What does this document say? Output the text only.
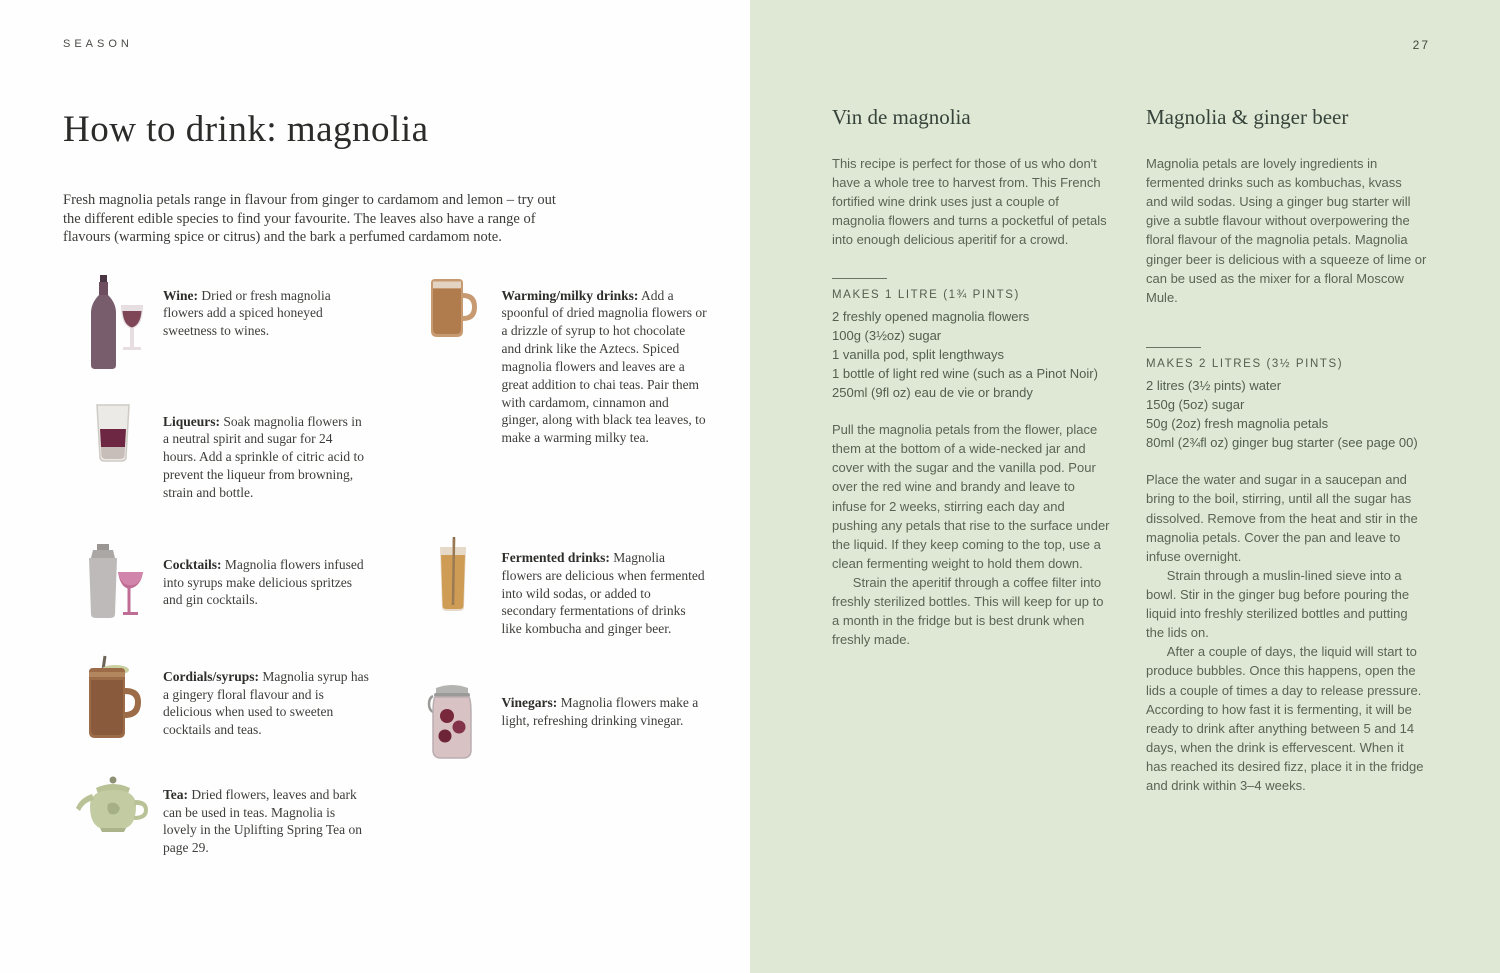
SEASON
How to drink: magnolia

Fresh magnolia petals range in flavour from ginger to cardamom and lemon – try out the different edible species to find your favourite. The leaves also have a range of flavours (warming spice or citrus) and the bark a perfumed cardamom note.

Wine: Dried or fresh magnolia flowers add a spiced honeyed sweetness to wines.

Liqueurs: Soak magnolia flowers in a neutral spirit and sugar for 24 hours. Add a sprinkle of citric acid to prevent the liqueur from browning, strain and bottle.

Cocktails: Magnolia flowers infused into syrups make delicious spritzes and gin cocktails.

Cordials/syrups: Magnolia syrup has a gingery floral flavour and is delicious when used to sweeten cocktails and teas.

Tea: Dried flowers, leaves and bark can be used in teas. Magnolia is lovely in the Uplifting Spring Tea on page 29.

Warming/milky drinks: Add a spoonful of dried magnolia flowers or a drizzle of syrup to hot chocolate and drink like the Aztecs. Spiced magnolia flowers and leaves are a great addition to chai teas. Pair them with cardamom, cinnamon and ginger, along with black tea leaves, to make a warming milky tea.

Fermented drinks: Magnolia flowers are delicious when fermented into wild sodas, or added to secondary fermentations of drinks like kombucha and ginger beer.

Vinegars: Magnolia flowers make a light, refreshing drinking vinegar.

27
Vin de magnolia

This recipe is perfect for those of us who don't have a whole tree to harvest from. This French fortified wine drink uses just a couple of magnolia flowers and turns a pocketful of petals into enough delicious aperitif for a crowd.

MAKES 1 LITRE (1¾ PINTS)
2 freshly opened magnolia flowers
100g (3½oz) sugar
1 vanilla pod, split lengthways
1 bottle of light red wine (such as a Pinot Noir)
250ml (9fl oz) eau de vie or brandy

Pull the magnolia petals from the flower, place them at the bottom of a wide-necked jar and cover with the sugar and the vanilla pod. Pour over the red wine and brandy and leave to infuse for 2 weeks, stirring each day and pushing any petals that rise to the surface under the liquid. If they keep coming to the top, use a clean fermenting weight to hold them down.

Strain the aperitif through a coffee filter into freshly sterilized bottles. This will keep for up to a month in the fridge but is best drunk when freshly made.

Magnolia & ginger beer

Magnolia petals are lovely ingredients in fermented drinks such as kombuchas, kvass and wild sodas. Using a ginger bug starter will give a subtle flavour without overpowering the floral flavour of the magnolia petals. Magnolia ginger beer is delicious with a squeeze of lime or can be used as the mixer for a floral Moscow Mule.

MAKES 2 LITRES (3½ PINTS)
2 litres (3½ pints) water
150g (5oz) sugar
50g (2oz) fresh magnolia petals
80ml (2¾fl oz) ginger bug starter (see page 00)

Place the water and sugar in a saucepan and bring to the boil, stirring, until all the sugar has dissolved. Remove from the heat and stir in the magnolia petals. Cover the pan and leave to infuse overnight.

Strain through a muslin-lined sieve into a bowl. Stir in the ginger bug before pouring the liquid into freshly sterilized bottles and putting the lids on.

After a couple of days, the liquid will start to produce bubbles. Once this happens, open the lids a couple of times a day to release pressure. According to how fast it is fermenting, it will be ready to drink after anything between 5 and 14 days, when the drink is effervescent. When it has reached its desired fizz, place it in the fridge and drink within 3–4 weeks.
